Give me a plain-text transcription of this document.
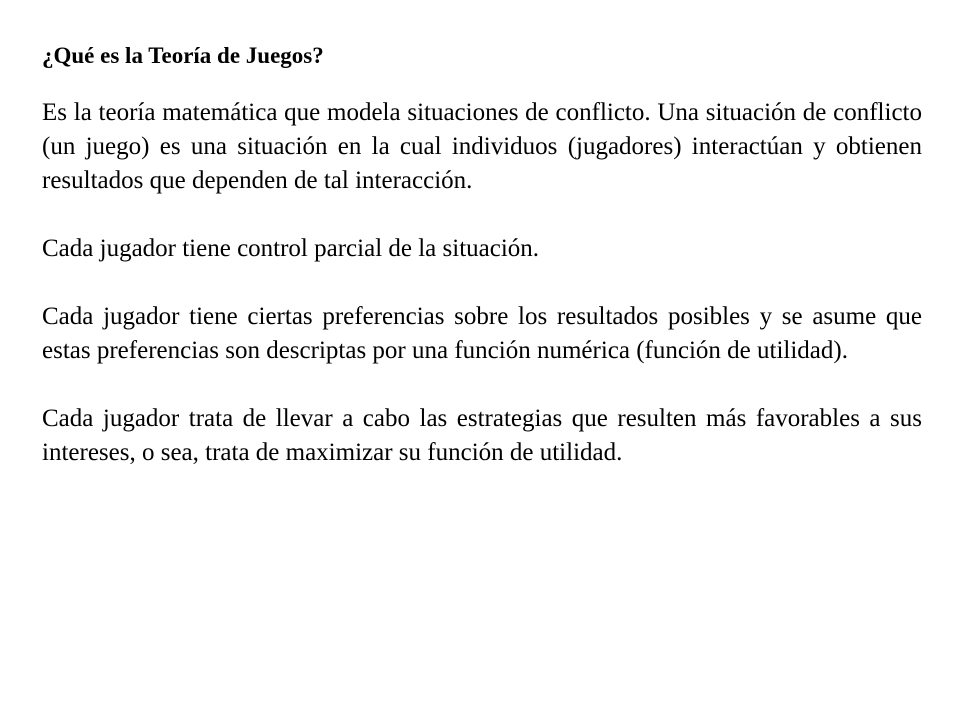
¿Qué es la Teoría de Juegos?

Es la teoría matemática que modela situaciones de conflicto. Una situación de conflicto (un juego) es una situación en la cual individuos (jugadores) interactúan y obtienen resultados que dependen de tal interacción.

Cada jugador tiene control parcial de la situación.

Cada jugador tiene ciertas preferencias sobre los resultados posibles y se asume que estas preferencias son descriptas por una función numérica (función de utilidad).

Cada jugador trata de llevar a cabo las estrategias que resulten más favorables a sus intereses, o sea, trata de maximizar su función de utilidad.
